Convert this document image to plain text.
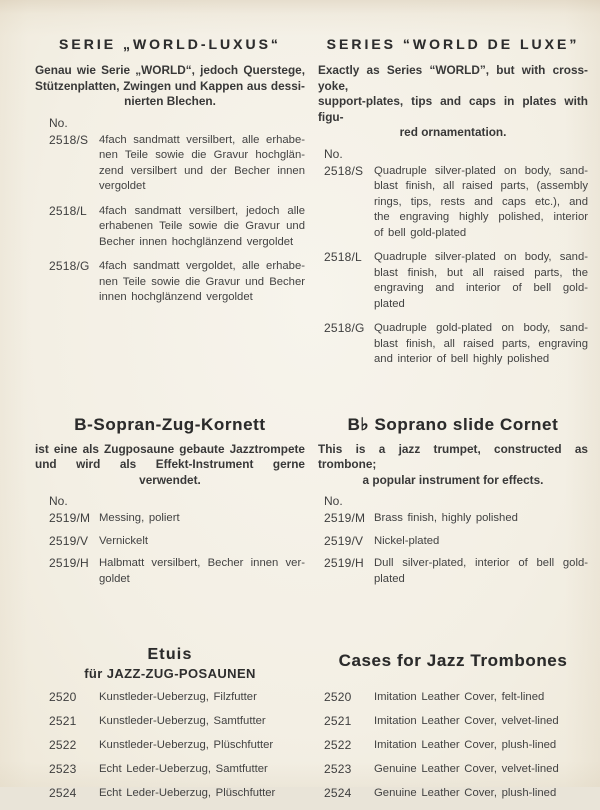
SERIE „WORLD-LUXUS“
Genau wie Serie „WORLD“, jedoch Querstege,
Stützenplatten, Zwingen und Kappen aus dessi-
nierten Blechen.
No.
2518/S 4fach sandmatt versilbert, alle erhabe-
nen Teile sowie die Gravur hochglän-
zend versilbert und der Becher innen
vergoldet
2518/L	4fach sandmatt versilbert, jedoch alle
erhabenen Teile sowie die Gravur und
Becher innen hochglänzend vergoldet
2518/G 4fach sandmatt vergoldet, alle erhabe-
nen Teile sowie die Gravur und Becher
innen hochglänzend vergoldet
SERIES “WORLD DE LUXE”
Exactly as Series “WORLD”, but with cross-yoke,
support-plates, tips and caps in plates with figu-
red ornamentation.
No.
2518/S Quadruple silver-plated on body, sand-
blast finish, all raised parts, (assembly
rings, tips, rests and caps etc.), and
the engraving highly polished, interior
of bell gold-plated
2518/L	Quadruple silver-plated on body, sand-
blast finish, but all raised parts, the
engraving and interior of bell gold-
plated
2518/G Quadruple gold-plated on body, sand-
blast finish, all raised parts, engraving
and interior of bell highly polished
B-Sopran-Zug-Kornett
ist eine als Zugposaune gebaute Jazztrompete
und wird als Effekt-Instrument gerne verwendet.
No.
2519/M Messing, poliert
2519/V Vernickelt
2519/H Halbmatt versilbert, Becher innen ver-
goldet
B♭ Soprano slide Cornet
This is a jazz trumpet, constructed as trombone;
a popular instrument for effects.
No.
2519/M Brass finish, highly polished
2519/V Nickel-plated
2519/H Dull silver-plated, interior of bell gold-
plated
Etuis
für JAZZ-ZUG-POSAUNEN
2520	Kunstleder-Ueberzug, Filzfutter
2521	Kunstleder-Ueberzug, Samtfutter
2522	Kunstleder-Ueberzug, Plüschfutter
2523	Echt Leder-Ueberzug, Samtfutter
2524	Echt Leder-Ueberzug, Plüschfutter
Cases for Jazz Trombones
2520	Imitation Leather Cover, felt-lined
2521	Imitation Leather Cover, velvet-lined
2522	Imitation Leather Cover, plush-lined
2523	Genuine Leather Cover, velvet-lined
2524	Genuine Leather Cover, plush-lined
